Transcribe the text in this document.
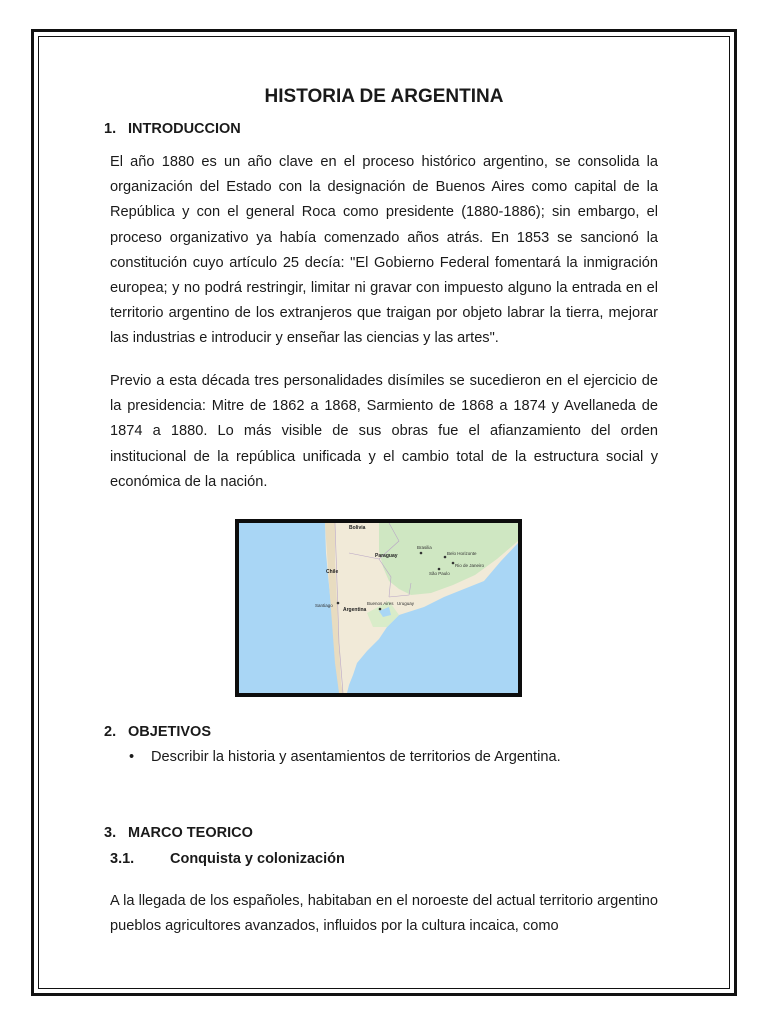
HISTORIA DE ARGENTINA
1. INTRODUCCION

El año 1880 es un año clave en el proceso histórico argentino, se consolida la organización del Estado con la designación de Buenos Aires como capital de la República y con el general Roca como presidente (1880-1886); sin embargo, el proceso organizativo ya había comenzado años atrás. En 1853 se sancionó la constitución cuyo artículo 25 decía: "El Gobierno Federal fomentará la inmigración europea; y no podrá restringir, limitar ni gravar con impuesto alguno la entrada en el territorio argentino de los extranjeros que traigan por objeto labrar la tierra, mejorar las industrias e introducir y enseñar las ciencias y las artes".

Previo a esta década tres personalidades disímiles se sucedieron en el ejercicio de la presidencia: Mitre de 1862 a 1868, Sarmiento de 1868 a 1874 y Avellaneda de 1874 a 1880. Lo más visible de sus obras fue el afianzamiento del orden institucional de la república unificada y el cambio total de la estructura social y económica de la nación.

Bolivia
Paraguay
Chile
Argentina
Santiago	Uruguay
Buenos Aires
Brasilia
São Paulo
Rio de Janeiro
Belo Horizonte
2. OBJETIVOS

• Describir la historia y asentamientos de territorios de Argentina.

3. MARCO TEORICO
3.1. Conquista y colonización

A la llegada de los españoles, habitaban en el noroeste del actual territorio argentino pueblos agricultores avanzados, influidos por la cultura incaica, como
